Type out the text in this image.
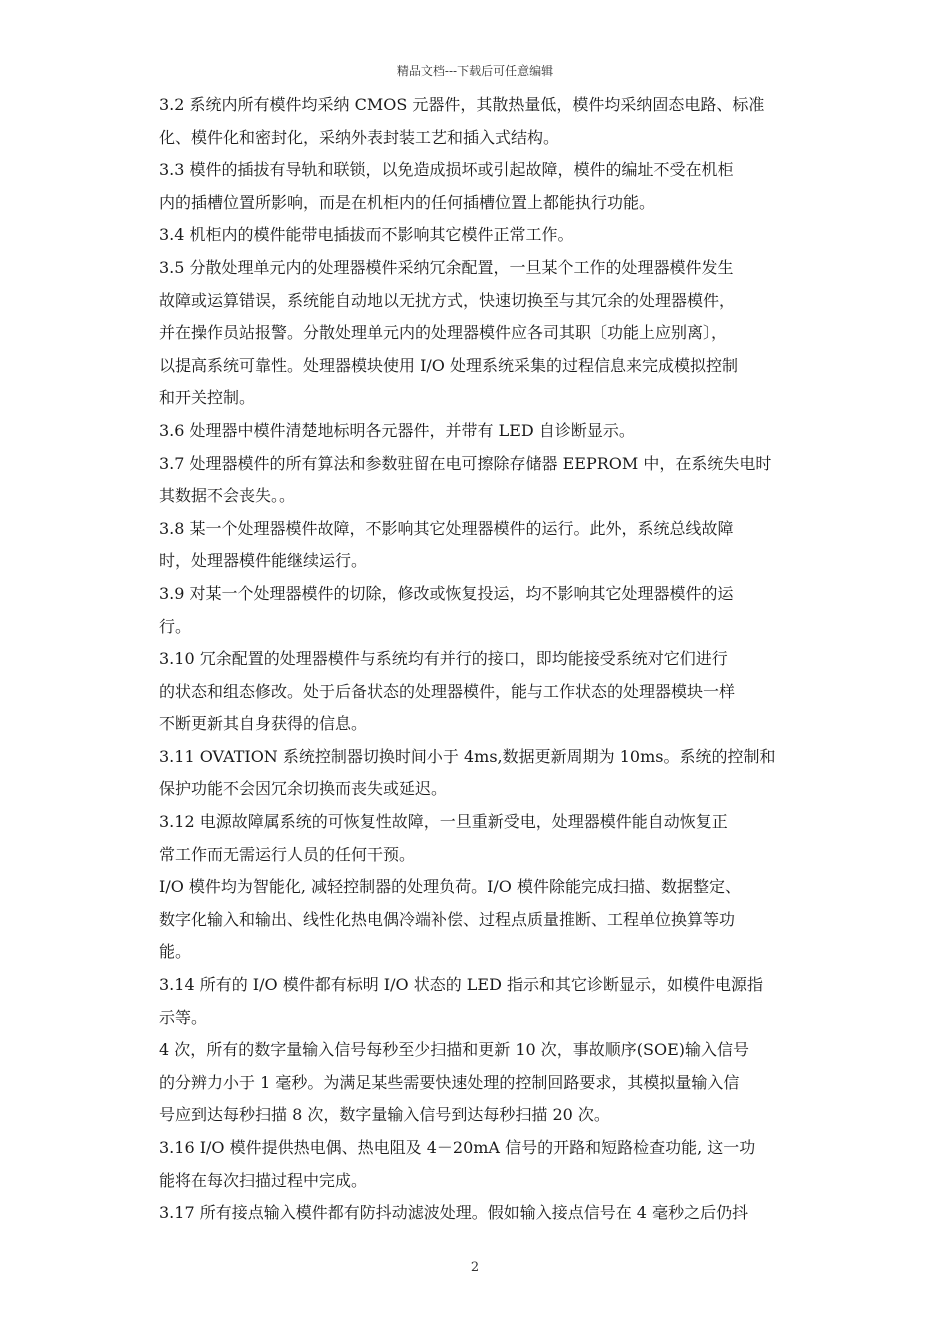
精品文档---下载后可任意编辑
3.2 系统内所有模件均采纳 CMOS 元器件，其散热量低，模件均采纳固态电路、标准
化、模件化和密封化，采纳外表封装工艺和插入式结构。
3.3 模件的插拔有导轨和联锁，以免造成损坏或引起故障，模件的编址不受在机柜
内的插槽位置所影响，而是在机柜内的任何插槽位置上都能执行功能。
3.4 机柜内的模件能带电插拔而不影响其它模件正常工作。
3.5 分散处理单元内的处理器模件采纳冗余配置，一旦某个工作的处理器模件发生
故障或运算错误，系统能自动地以无扰方式，快速切换至与其冗余的处理器模件，
并在操作员站报警。分散处理单元内的处理器模件应各司其职〔功能上应别离〕，
以提高系统可靠性。处理器模块使用 I/O 处理系统采集的过程信息来完成模拟控制
和开关控制。
3.6 处理器中模件清楚地标明各元器件，并带有 LED 自诊断显示。
3.7 处理器模件的所有算法和参数驻留在电可擦除存储器 EEPROM 中，在系统失电时
其数据不会丧失。。
3.8 某一个处理器模件故障，不影响其它处理器模件的运行。此外，系统总线故障
时，处理器模件能继续运行。
3.9 对某一个处理器模件的切除，修改或恢复投运，均不影响其它处理器模件的运
行。
3.10 冗余配置的处理器模件与系统均有并行的接口，即均能接受系统对它们进行
的状态和组态修改。处于后备状态的处理器模件，能与工作状态的处理器模块一样
不断更新其自身获得的信息。
3.11 OVATION 系统控制器切换时间小于 4ms,数据更新周期为 10ms。系统的控制和
保护功能不会因冗余切换而丧失或延迟。
3.12 电源故障属系统的可恢复性故障，一旦重新受电，处理器模件能自动恢复正
常工作而无需运行人员的任何干预。
I/O 模件均为智能化, 减轻控制器的处理负荷。I/O 模件除能完成扫描、数据整定、
数字化输入和输出、线性化热电偶冷端补偿、过程点质量推断、工程单位换算等功
能。
3.14 所有的 I/O 模件都有标明 I/O 状态的 LED 指示和其它诊断显示，如模件电源指
示等。
4 次，所有的数字量输入信号每秒至少扫描和更新 10 次，事故顺序(SOE)输入信号
的分辨力小于 1 毫秒。为满足某些需要快速处理的控制回路要求，其模拟量输入信
号应到达每秒扫描 8 次，数字量输入信号到达每秒扫描 20 次。
3.16 I/O 模件提供热电偶、热电阻及 4－20mA 信号的开路和短路检查功能, 这一功
能将在每次扫描过程中完成。
3.17 所有接点输入模件都有防抖动滤波处理。假如输入接点信号在 4 毫秒之后仍抖
2
